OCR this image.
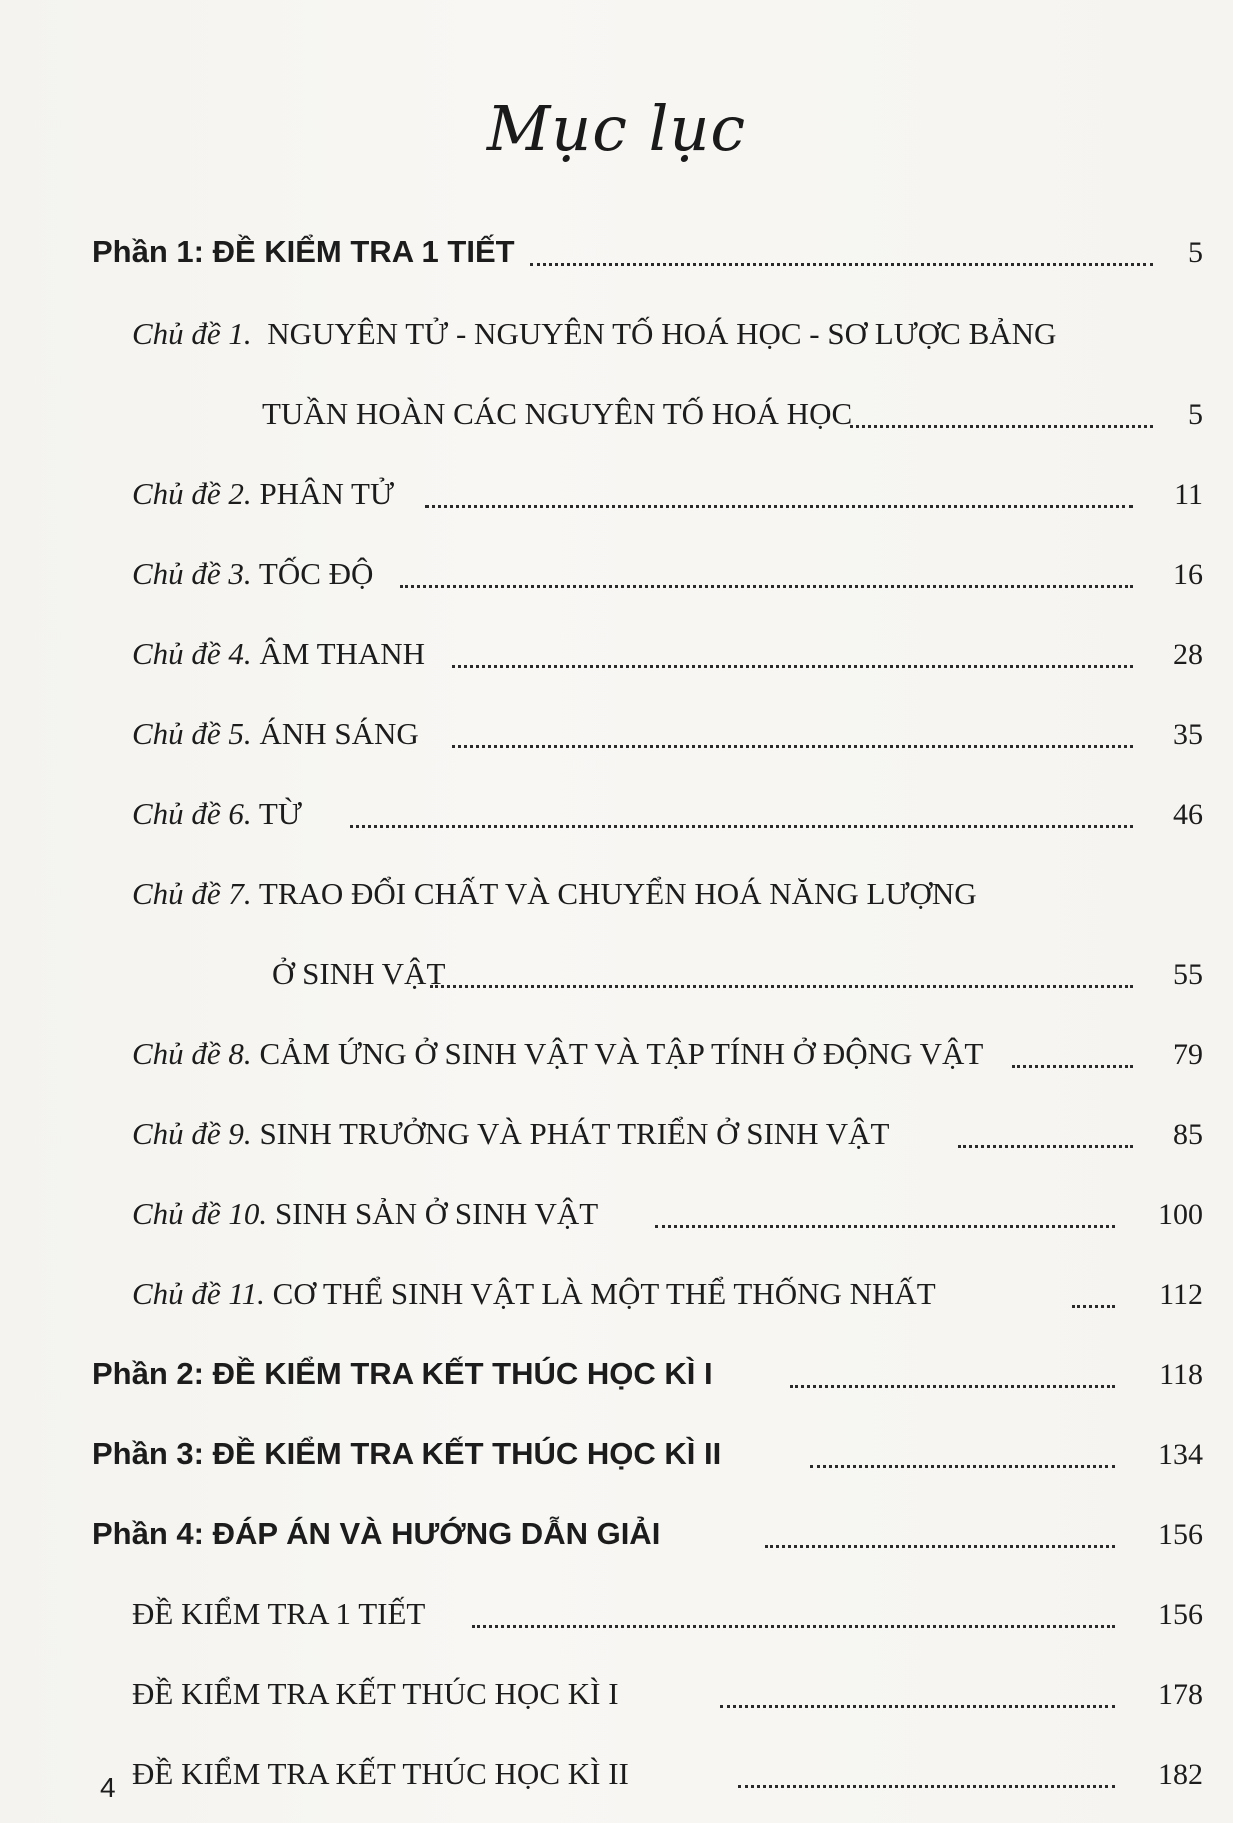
Mục lục
Phần 1: ĐỀ KIỂM TRA 1 TIẾT	5
Chủ đề 1. NGUYÊN TỬ - NGUYÊN TỐ HOÁ HỌC - SƠ LƯỢC BẢNG
TUẦN HOÀN CÁC NGUYÊN TỐ HOÁ HỌC	5
Chủ đề 2. PHÂN TỬ	11
Chủ đề 3. TỐC ĐỘ	16
Chủ đề 4. ÂM THANH	28
Chủ đề 5. ÁNH SÁNG	35
Chủ đề 6. TỪ	46
Chủ đề 7. TRAO ĐỔI CHẤT VÀ CHUYỂN HOÁ NĂNG LƯỢNG
Ở SINH VẬT	55
Chủ đề 8. CẢM ỨNG Ở SINH VẬT VÀ TẬP TÍNH Ở ĐỘNG VẬT	79
Chủ đề 9. SINH TRƯỞNG VÀ PHÁT TRIỂN Ở SINH VẬT	85
Chủ đề 10. SINH SẢN Ở SINH VẬT	100
Chủ đề 11. CƠ THỂ SINH VẬT LÀ MỘT THỂ THỐNG NHẤT	112
Phần 2: ĐỀ KIỂM TRA KẾT THÚC HỌC KÌ I	118
Phần 3: ĐỀ KIỂM TRA KẾT THÚC HỌC KÌ II	134
Phần 4: ĐÁP ÁN VÀ HƯỚNG DẪN GIẢI	156
ĐỀ KIỂM TRA 1 TIẾT	156
ĐỀ KIỂM TRA KẾT THÚC HỌC KÌ I	178
ĐỀ KIỂM TRA KẾT THÚC HỌC KÌ II	182
4
